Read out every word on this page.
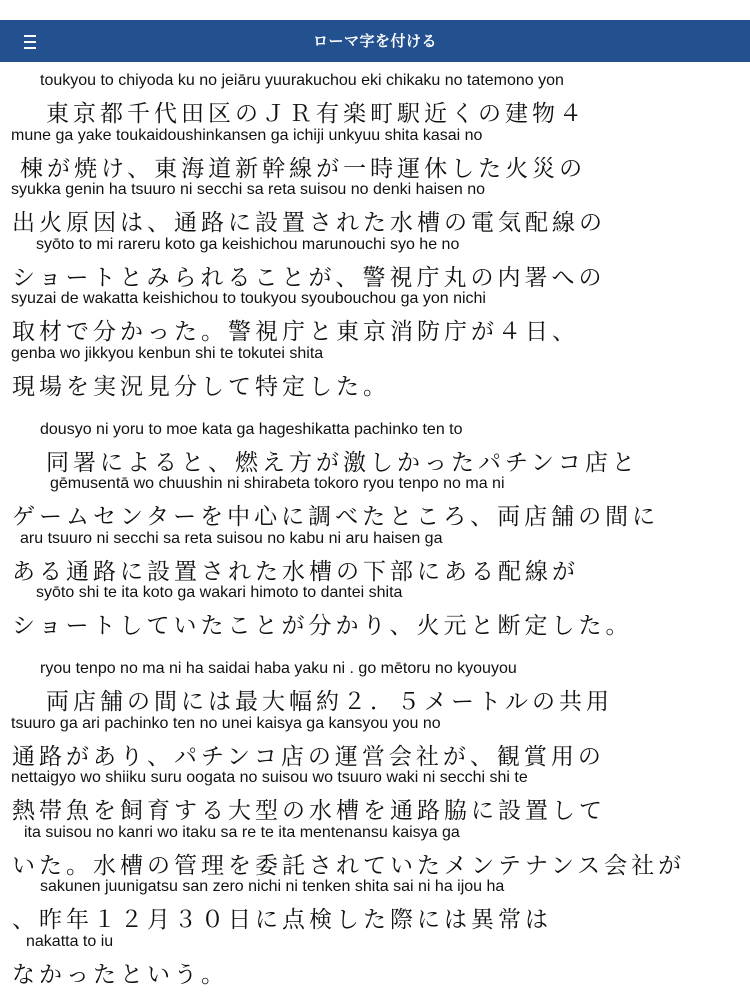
ローマ字を付ける
toukyou to chiyoda ku no jeiāru yuurakuchou eki chikaku no tatemono yon
東京都千代田区のＪＲ有楽町駅近くの建物４
mune ga yake toukaidoushinkansen ga ichiji unkyuu shita kasai no
棟が焼け、東海道新幹線が一時運休した火災の
syukka genin ha tsuuro ni secchi sa reta suisou no denki haisen no
出火原因は、通路に設置された水槽の電気配線の
syōto to mi rareru koto ga keishichou marunouchi syo he no
ショートとみられることが、警視庁丸の内署への
syuzai de wakatta keishichou to toukyou syoubouchou ga yon nichi
取材で分かった。警視庁と東京消防庁が４日、
genba wo jikkyou kenbun shi te tokutei shita
現場を実況見分して特定した。
dousyo ni yoru to moe kata ga hageshikatta pachinko ten to
同署によると、燃え方が激しかったパチンコ店と
gēmusentā wo chuushin ni shirabeta tokoro ryou tenpo no ma ni
ゲームセンターを中心に調べたところ、両店舗の間に
aru tsuuro ni secchi sa reta suisou no kabu ni aru haisen ga
ある通路に設置された水槽の下部にある配線が
syōto shi te ita koto ga wakari himoto to dantei shita
ショートしていたことが分かり、火元と断定した。
ryou tenpo no ma ni ha saidai haba yaku ni . go mētoru no kyouyou
両店舗の間には最大幅約２．５メートルの共用
tsuuro ga ari pachinko ten no unei kaisya ga kansyou you no
通路があり、パチンコ店の運営会社が、観賞用の
nettaigyo wo shiiku suru oogata no suisou wo tsuuro waki ni secchi shi te
熱帯魚を飼育する大型の水槽を通路脇に設置して
ita suisou no kanri wo itaku sa re te ita mentenansu kaisya ga
いた。水槽の管理を委託されていたメンテナンス会社が
sakunen juunigatsu san zero nichi ni tenken shita sai ni ha ijou ha
、昨年１２月３０日に点検した際には異常は
nakatta to iu
なかったという。
